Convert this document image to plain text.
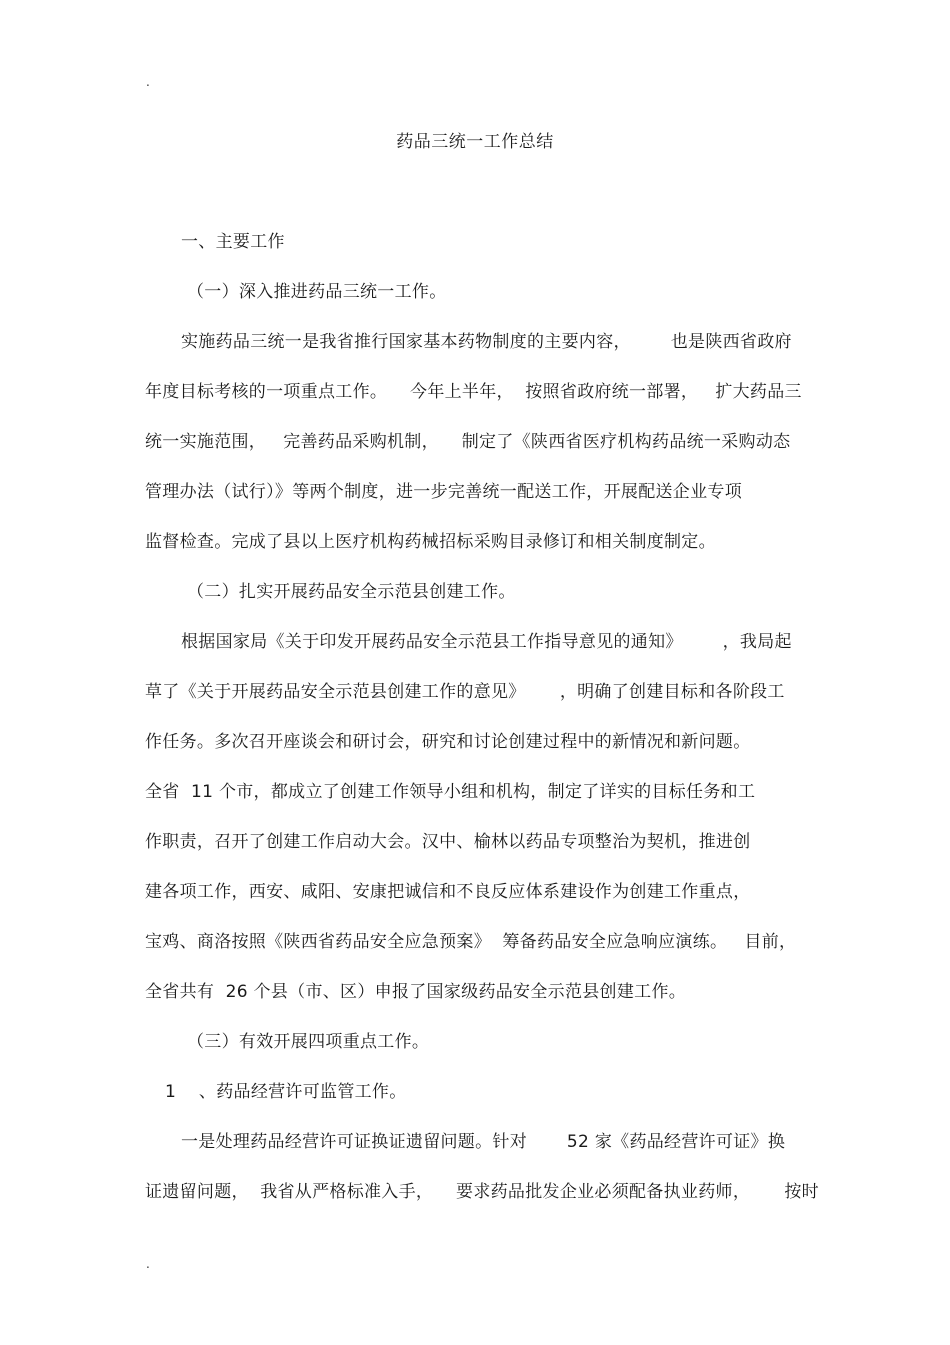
.
药品三统一工作总结
一、主要工作
（一）深入推进药品三统一工作。
实施药品三统一是我省推行国家基本药物制度的主要内容，       也是陕西省政府
年度目标考核的一项重点工作。    今年上半年，  按照省政府统一部署，   扩大药品三
统一实施范围，   完善药品采购机制，    制定了《陕西省医疗机构药品统一采购动态
管理办法（试行）》等两个制度，进一步完善统一配送工作，开展配送企业专项
监督检查。完成了县以上医疗机构药械招标采购目录修订和相关制度制定。
（二）扎实开展药品安全示范县创建工作。
根据国家局《关于印发开展药品安全示范县工作指导意见的通知》       ，我局起
草了《关于开展药品安全示范县创建工作的意见》      ，明确了创建目标和各阶段工
作任务。多次召开座谈会和研讨会，研究和讨论创建过程中的新情况和新问题。
全省  11 个市，都成立了创建工作领导小组和机构，制定了详实的目标任务和工
作职责，召开了创建工作启动大会。汉中、榆林以药品专项整治为契机，推进创
建各项工作，西安、咸阳、安康把诚信和不良反应体系建设作为创建工作重点，
宝鸡、商洛按照《陕西省药品安全应急预案》  筹备药品安全应急响应演练。   目前，
全省共有  26 个县（市、区）申报了国家级药品安全示范县创建工作。
（三）有效开展四项重点工作。
1    、药品经营许可监管工作。
一是处理药品经营许可证换证遗留问题。针对       52 家《药品经营许可证》换
证遗留问题，  我省从严格标准入手，    要求药品批发企业必须配备执业药师，      按时
.
